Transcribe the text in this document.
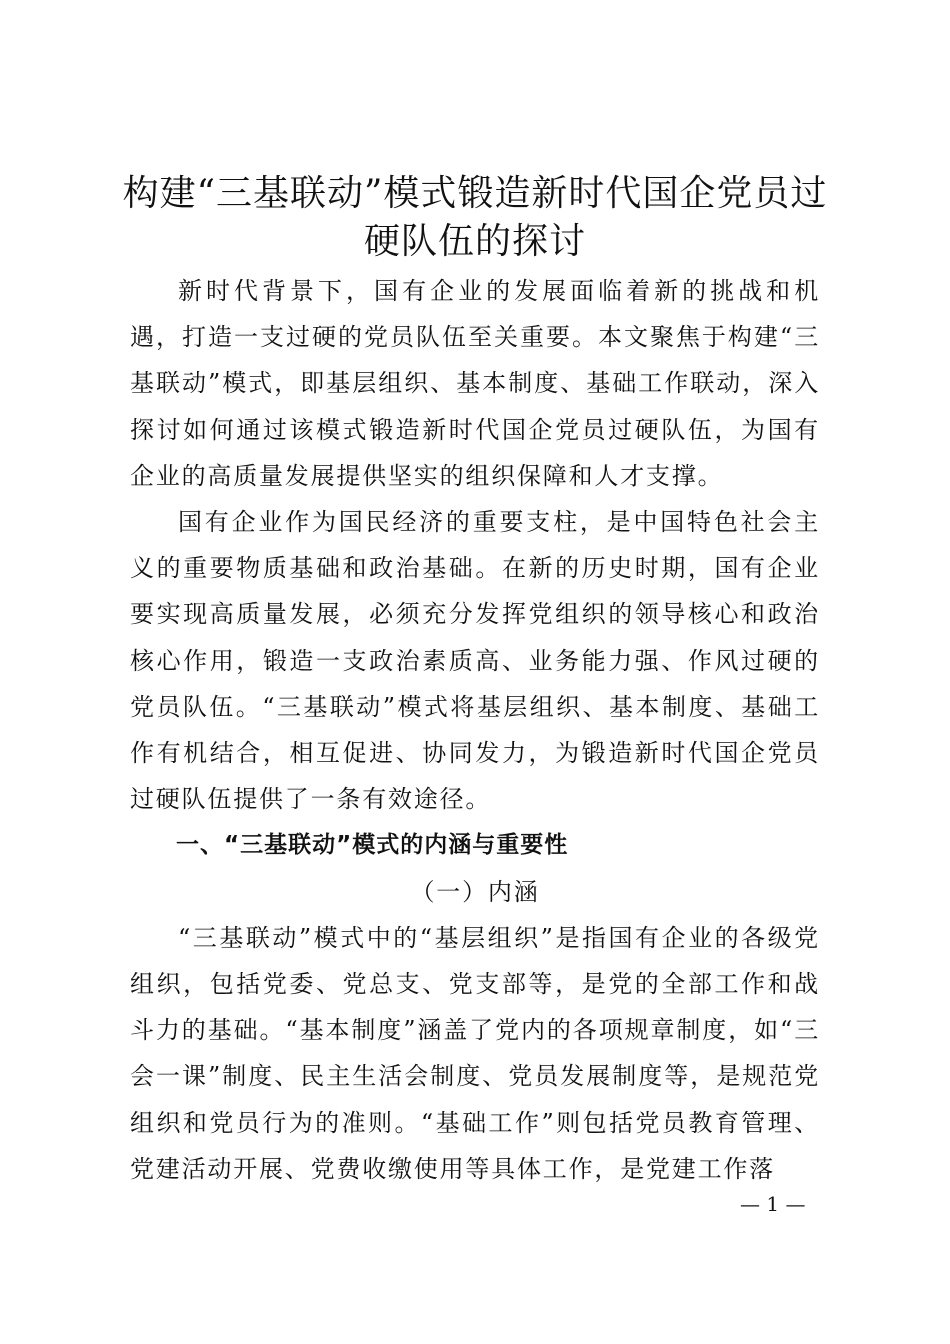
构建“三基联动”模式锻造新时代国企党员过硬队伍的探讨

新时代背景下，国有企业的发展面临着新的挑战和机遇，打造一支过硬的党员队伍至关重要。本文聚焦于构建“三基联动”模式，即基层组织、基本制度、基础工作联动，深入探讨如何通过该模式锻造新时代国企党员过硬队伍，为国有企业的高质量发展提供坚实的组织保障和人才支撑。

国有企业作为国民经济的重要支柱，是中国特色社会主义的重要物质基础和政治基础。在新的历史时期，国有企业要实现高质量发展，必须充分发挥党组织的领导核心和政治核心作用，锻造一支政治素质高、业务能力强、作风过硬的党员队伍。“三基联动”模式将基层组织、基本制度、基础工作有机结合，相互促进、协同发力，为锻造新时代国企党员过硬队伍提供了一条有效途径。

一、“三基联动”模式的内涵与重要性

（一）内涵

“三基联动”模式中的“基层组织”是指国有企业的各级党组织，包括党委、党总支、党支部等，是党的全部工作和战斗力的基础。“基本制度”涵盖了党内的各项规章制度，如“三会一课”制度、民主生活会制度、党员发展制度等，是规范党组织和党员行为的准则。“基础工作”则包括党员教育管理、党建活动开展、党费收缴使用等具体工作，是党建工作落

— 1 —
